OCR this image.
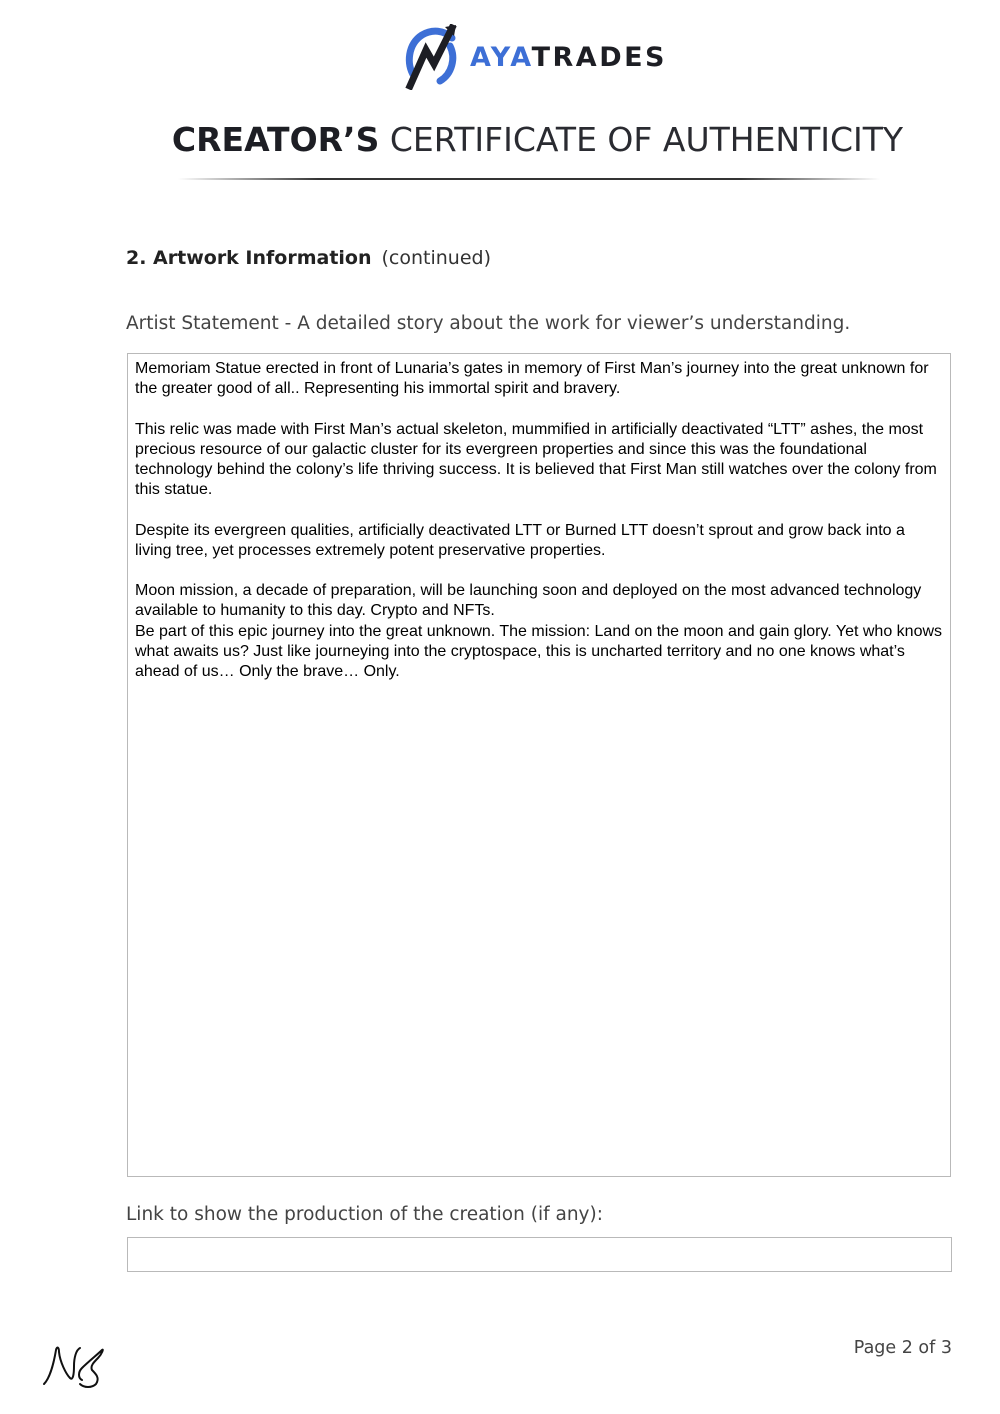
AYATRADES
CREATOR’S CERTIFICATE OF AUTHENTICITY
2. Artwork Information (continued)
Artist Statement - A detailed story about the work for viewer’s understanding.

Memoriam Statue erected in front of Lunaria’s gates in memory of First Man’s journey into the great unknown for the greater good of all.. Representing his immortal spirit and bravery.

This relic was made with First Man’s actual skeleton, mummified in artificially deactivated “LTT” ashes, the most precious resource of our galactic cluster for its evergreen properties and since this was the foundational technology behind the colony’s life thriving success. It is believed that First Man still watches over the colony from this statue.

Despite its evergreen qualities, artificially deactivated LTT or Burned LTT doesn’t sprout and grow back into a living tree, yet processes extremely potent preservative properties.

Moon mission, a decade of preparation, will be launching soon and deployed on the most advanced technology available to humanity to this day. Crypto and NFTs.

Be part of this epic journey into the great unknown. The mission: Land on the moon and gain glory. Yet who knows what awaits us? Just like journeying into the cryptospace, this is uncharted territory and no one knows what’s ahead of us… Only the brave… Only.

Link to show the production of the creation (if any):
Page 2 of 3
